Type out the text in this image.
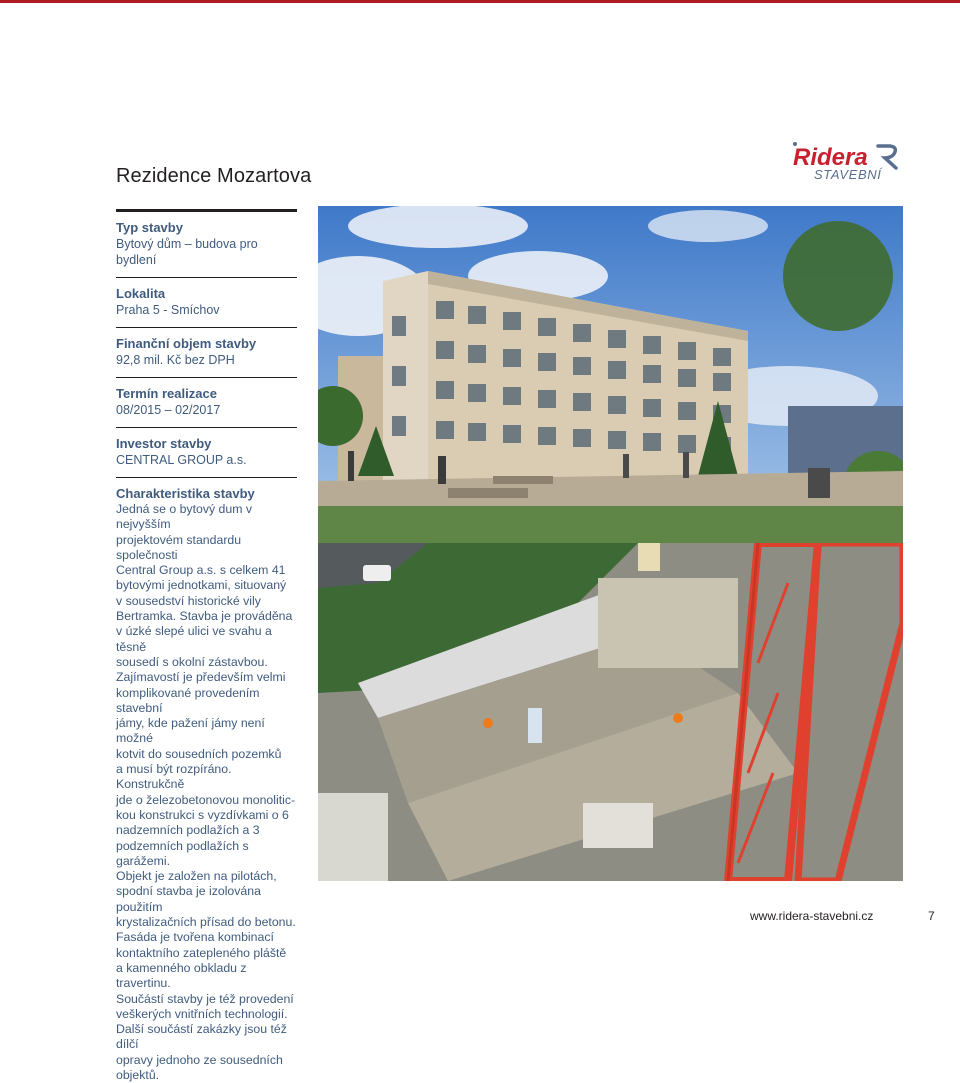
Rezidence Mozartova
Ridera
STAVEBNÍ
Typ stavby
Bytový dům – budova pro bydlení
Lokalita
Praha 5 - Smíchov
Finanční objem stavby
92,8 mil. Kč bez DPH
Termín realizace
08/2015 – 02/2017
Investor stavby
CENTRAL GROUP a.s.
Charakteristika stavby
Jedná se o bytový dum v nejvyšším
projektovém standardu společnosti
Central Group a.s. s celkem 41
bytovými jednotkami, situovaný
v sousedství historické vily
Bertramka. Stavba je prováděna
v úzké slepé ulici ve svahu a těsně
sousedí s okolní zástavbou.
Zajímavostí je především velmi
komplikované provedením stavební
jámy, kde pažení jámy není možné
kotvit do sousedních pozemků
a musí být rozpíráno. Konstrukčně
jde o železobetonovou monolitic-
kou konstrukci s vyzdívkami o 6
nadzemních podlažích a 3
podzemních podlažích s garážemi.
Objekt je založen na pilotách,
spodní stavba je izolována použitím
krystalizačních přísad do betonu.
Fasáda je tvořena kombinací
kontaktního zatepleného pláště
a kamenného obkladu z travertinu.
Součástí stavby je též provedení
veškerých vnitřních technologií.
Další součástí zakázky jsou též dílčí
opravy jednoho ze sousedních
objektů.
www.ridera-stavebni.cz	7
